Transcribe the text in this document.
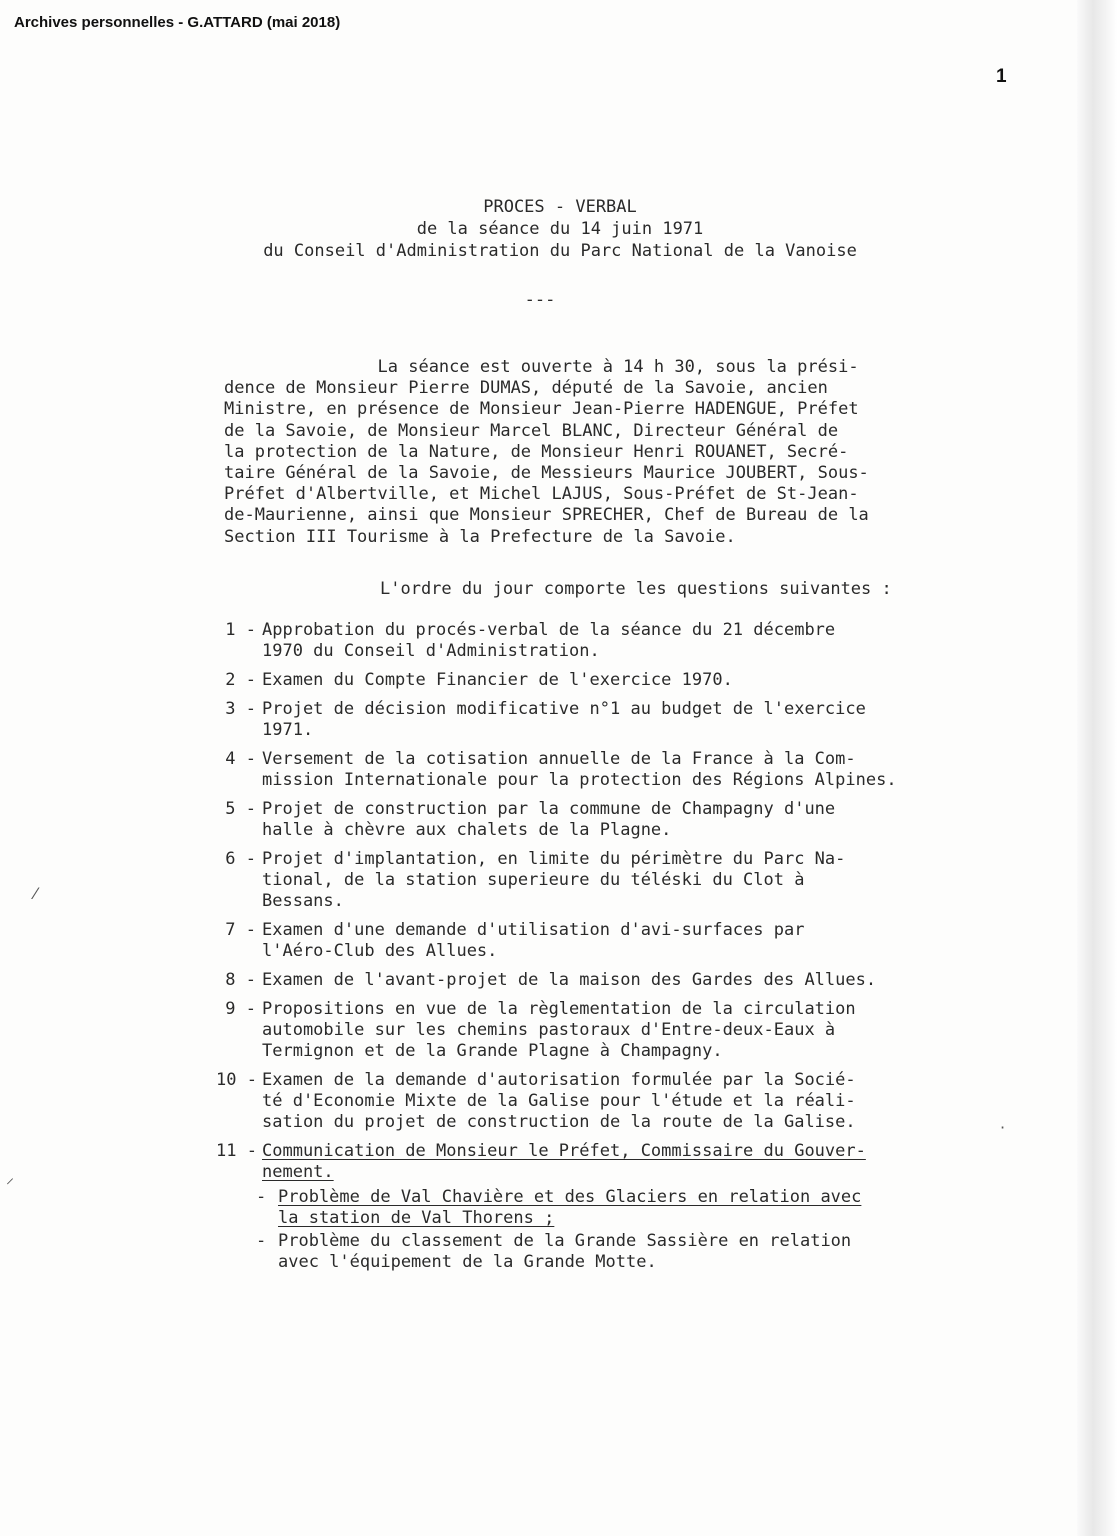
Archives personnelles - G.ATTARD (mai 2018)
1
PROCES - VERBAL
de la séance du 14 juin 1971
du Conseil d'Administration du Parc National de la Vanoise
---
La séance est ouverte à 14 h 30, sous la prési-
dence de Monsieur Pierre DUMAS, député de la Savoie, ancien
Ministre, en présence de Monsieur Jean-Pierre HADENGUE, Préfet
de la Savoie, de Monsieur Marcel BLANC, Directeur Général de
la protection de la Nature, de Monsieur Henri ROUANET, Secré-
taire Général de la Savoie, de Messieurs Maurice JOUBERT, Sous-
Préfet d'Albertville, et Michel LAJUS, Sous-Préfet de St-Jean-
de-Maurienne, ainsi que Monsieur SPRECHER, Chef de Bureau de la
Section III Tourisme à la Prefecture de la Savoie.
L'ordre du jour comporte les questions suivantes :
1 - Approbation du procés-verbal de la séance du 21 décembre
1970 du Conseil d'Administration.
2 - Examen du Compte Financier de l'exercice 1970.
3 - Projet de décision modificative n°1 au budget de l'exercice
1971.
4 - Versement de la cotisation annuelle de la France à la Com-
mission Internationale pour la protection des Régions Alpines.
5 - Projet de construction par la commune de Champagny d'une
halle à chèvre aux chalets de la Plagne.
6 - Projet d'implantation, en limite du périmètre du Parc Na-
tional, de la station superieure du téléski du Clot à
Bessans.
7 - Examen d'une demande d'utilisation d'avi-surfaces par
l'Aéro-Club des Allues.
8 - Examen de l'avant-projet de la maison des Gardes des Allues.
9 - Propositions en vue de la règlementation de la circulation
automobile sur les chemins pastoraux d'Entre-deux-Eaux à
Termignon et de la Grande Plagne à Champagny.
10 - Examen de la demande d'autorisation formulée par la Socié-
té d'Economie Mixte de la Galise pour l'étude et la réali-
sation du projet de construction de la route de la Galise.
11 - Communication de Monsieur le Préfet, Commissaire du Gouver-
nement.
- Problème de Val Chavière et des Glaciers en relation avec
la station de Val Thorens ;
- Problème du classement de la Grande Sassière en relation
avec l'équipement de la Grande Motte.
⁄
⸝
·
